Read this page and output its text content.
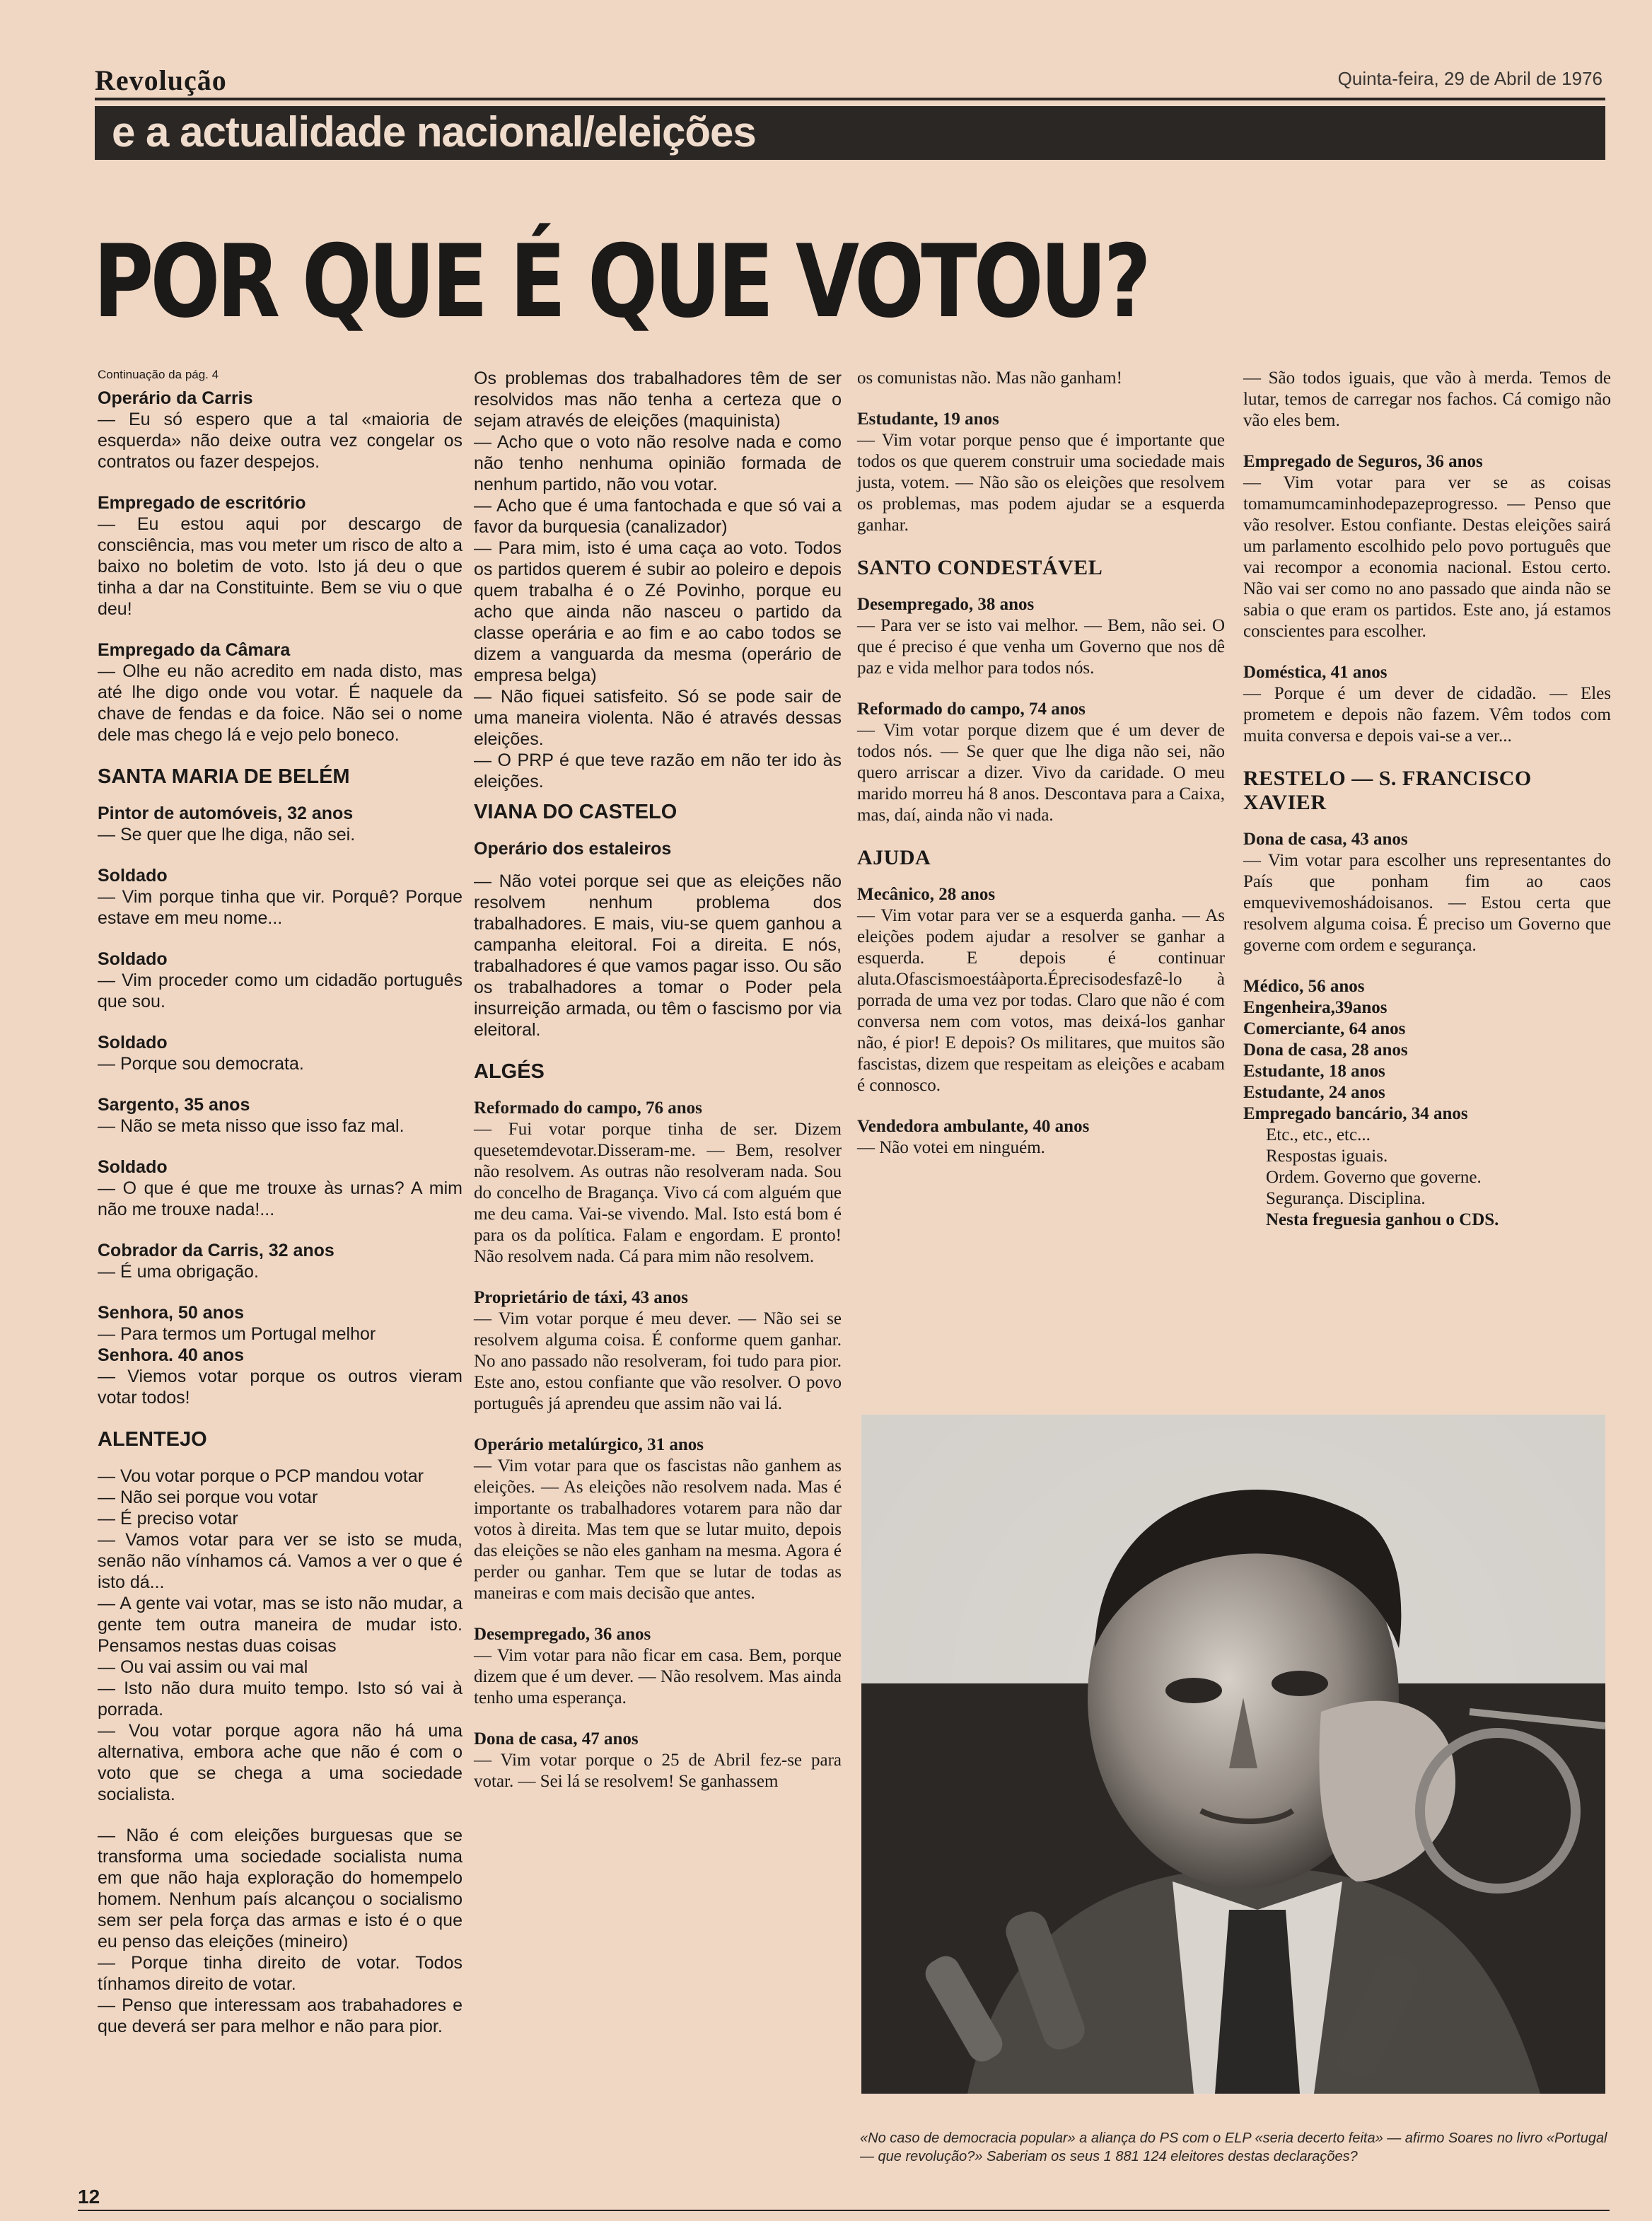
Revolução	Quinta-feira, 29 de Abril de 1976
e a actualidade nacional/eleições
POR QUE É QUE VOTOU?
Continuação da pág. 4
Operário da Carris
— Eu só espero que a tal «maioria de esquerda» não deixe outra vez congelar os contratos ou fazer despejos.
Empregado de escritório
— Eu estou aqui por descargo de consciência, mas vou meter um risco de alto a baixo no boletim de voto. Isto já deu o que tinha a dar na Constituinte. Bem se viu o que deu!
Empregado da Câmara
— Olhe eu não acredito em nada disto, mas até lhe digo onde vou votar. É naquele da chave de fendas e da foice. Não sei o nome dele mas chego lá e vejo pelo boneco.
SANTA MARIA DE BELÉM
Pintor de automóveis, 32 anos
— Se quer que lhe diga, não sei.
Soldado
— Vim porque tinha que vir. Porquê? Porque estave em meu nome...
Soldado
— Vim proceder como um cidadão português que sou.
Soldado
— Porque sou democrata.
Sargento, 35 anos
— Não se meta nisso que isso faz mal.
Soldado
— O que é que me trouxe às urnas? A mim não me trouxe nada!...
Cobrador da Carris, 32 anos
— É uma obrigação.
Senhora, 50 anos
— Para termos um Portugal melhor
Senhora. 40 anos
— Viemos votar porque os outros vieram votar todos!
ALENTEJO
— Vou votar porque o PCP mandou votar
— Não sei porque vou votar
— É preciso votar
— Vamos votar para ver se isto se muda, senão não vínhamos cá. Vamos a ver o que é isto dá...
— A gente vai votar, mas se isto não mudar, a gente tem outra maneira de mudar isto. Pensamos nestas duas coisas
— Ou vai assim ou vai mal
— Isto não dura muito tempo. Isto só vai à porrada.
— Vou votar porque agora não há uma alternativa, embora ache que não é com o voto que se chega a uma sociedade socialista.
— Não é com eleições burguesas que se transforma uma sociedade socialista numa em que não haja exploração do homempelo homem. Nenhum país alcançou o socialismo sem ser pela força das armas e isto é o que eu penso das eleições (mineiro)
— Porque tinha direito de votar. Todos tínhamos direito de votar.
— Penso que interessam aos trabahadores e que deverá ser para melhor e não para pior.
Os problemas dos trabalhadores têm de ser resolvidos mas não tenha a certeza que o sejam através de eleições (maquinista)
— Acho que o voto não resolve nada e como não tenho nenhuma opinião formada de nenhum partido, não vou votar.
— Acho que é uma fantochada e que só vai a favor da burquesia (canalizador)
— Para mim, isto é uma caça ao voto. Todos os partidos querem é subir ao poleiro e depois quem trabalha é o Zé Povinho, porque eu acho que ainda não nasceu o partido da classe operária e ao fim e ao cabo todos se dizem a vanguarda da mesma (operário de empresa belga)
— Não fiquei satisfeito. Só se pode sair de uma maneira violenta. Não é através dessas eleições.
— O PRP é que teve razão em não ter ido às eleições.
VIANA DO CASTELO
Operário dos estaleiros
— Não votei porque sei que as eleições não resolvem nenhum problema dos trabalhadores. E mais, viu-se quem ganhou a campanha eleitoral. Foi a direita. E nós, trabalhadores é que vamos pagar isso. Ou são os trabalhadores a tomar o Poder pela insurreição armada, ou têm o fascismo por via eleitoral.
ALGÉS
Reformado do campo, 76 anos
— Fui votar porque tinha de ser. Dizem quesetemdevotar.Disseram-me. — Bem, resolver não resolvem. As outras não resolveram nada. Sou do concelho de Bragança. Vivo cá com alguém que me deu cama. Vai-se vivendo. Mal. Isto está bom é para os da política. Falam e engordam. E pronto! Não resolvem nada. Cá para mim não resolvem.
Proprietário de táxi, 43 anos
— Vim votar porque é meu dever. — Não sei se resolvem alguma coisa. É conforme quem ganhar. No ano passado não resolveram, foi tudo para pior. Este ano, estou confiante que vão resolver. O povo português já aprendeu que assim não vai lá.
Operário metalúrgico, 31 anos
— Vim votar para que os fascistas não ganhem as eleições. — As eleições não resolvem nada. Mas é importante os trabalhadores votarem para não dar votos à direita. Mas tem que se lutar muito, depois das eleições se não eles ganham na mesma. Agora é perder ou ganhar. Tem que se lutar de todas as maneiras e com mais decisão que antes.
Desempregado, 36 anos
— Vim votar para não ficar em casa. Bem, porque dizem que é um dever. — Não resolvem. Mas ainda tenho uma esperança.
Dona de casa, 47 anos
— Vim votar porque o 25 de Abril fez-se para votar. — Sei lá se resolvem! Se ganhassem
os comunistas não. Mas não ganham!
Estudante, 19 anos
— Vim votar porque penso que é importante que todos os que querem construir uma sociedade mais justa, votem. — Não são os eleições que resolvem os problemas, mas podem ajudar se a esquerda ganhar.
SANTO CONDESTÁVEL
Desempregado, 38 anos
— Para ver se isto vai melhor. — Bem, não sei. O que é preciso é que venha um Governo que nos dê paz e vida melhor para todos nós.
Reformado do campo, 74 anos
— Vim votar porque dizem que é um dever de todos nós. — Se quer que lhe diga não sei, não quero arriscar a dizer. Vivo da caridade. O meu marido morreu há 8 anos. Descontava para a Caixa, mas, daí, ainda não vi nada.
AJUDA
Mecânico, 28 anos
— Vim votar para ver se a esquerda ganha. — As eleições podem ajudar a resolver se ganhar a esquerda. E depois é continuar aluta.Ofascismoestáàporta.Éprecisodesfazê-lo à porrada de uma vez por todas. Claro que não é com conversa nem com votos, mas deixá-los ganhar não, é pior! E depois? Os militares, que muitos são fascistas, dizem que respeitam as eleições e acabam é connosco.
Vendedora ambulante, 40 anos
— Não votei em ninguém.
— São todos iguais, que vão à merda. Temos de lutar, temos de carregar nos fachos. Cá comigo não vão eles bem.
Empregado de Seguros, 36 anos
— Vim votar para ver se as coisas tomamumcaminhodepazeprogresso. — Penso que vão resolver. Estou confiante. Destas eleições sairá um parlamento escolhido pelo povo português que vai recompor a economia nacional. Estou certo. Não vai ser como no ano passado que ainda não se sabia o que eram os partidos. Este ano, já estamos conscientes para escolher.
Doméstica, 41 anos
— Porque é um dever de cidadão. — Eles prometem e depois não fazem. Vêm todos com muita conversa e depois vai-se a ver...
RESTELO — S. FRANCISCO XAVIER
Dona de casa, 43 anos
— Vim votar para escolher uns representantes do País que ponham fim ao caos emquevivemoshádoisanos. — Estou certa que resolvem alguma coisa. É preciso um Governo que governe com ordem e segurança.
Médico, 56 anos
Engenheira,39anos
Comerciante, 64 anos
Dona de casa, 28 anos
Estudante, 18 anos
Estudante, 24 anos
Empregado bancário, 34 anos
Etc., etc., etc...
Respostas iguais.
Ordem. Governo que governe.
Segurança. Disciplina.
Nesta freguesia ganhou o CDS.
«No caso de democracia popular» a aliança do PS com o ELP «seria decerto feita» — afirmo Soares no livro «Portugal — que revolução?» Saberiam os seus 1 881 124 eleitores destas declarações?
12
